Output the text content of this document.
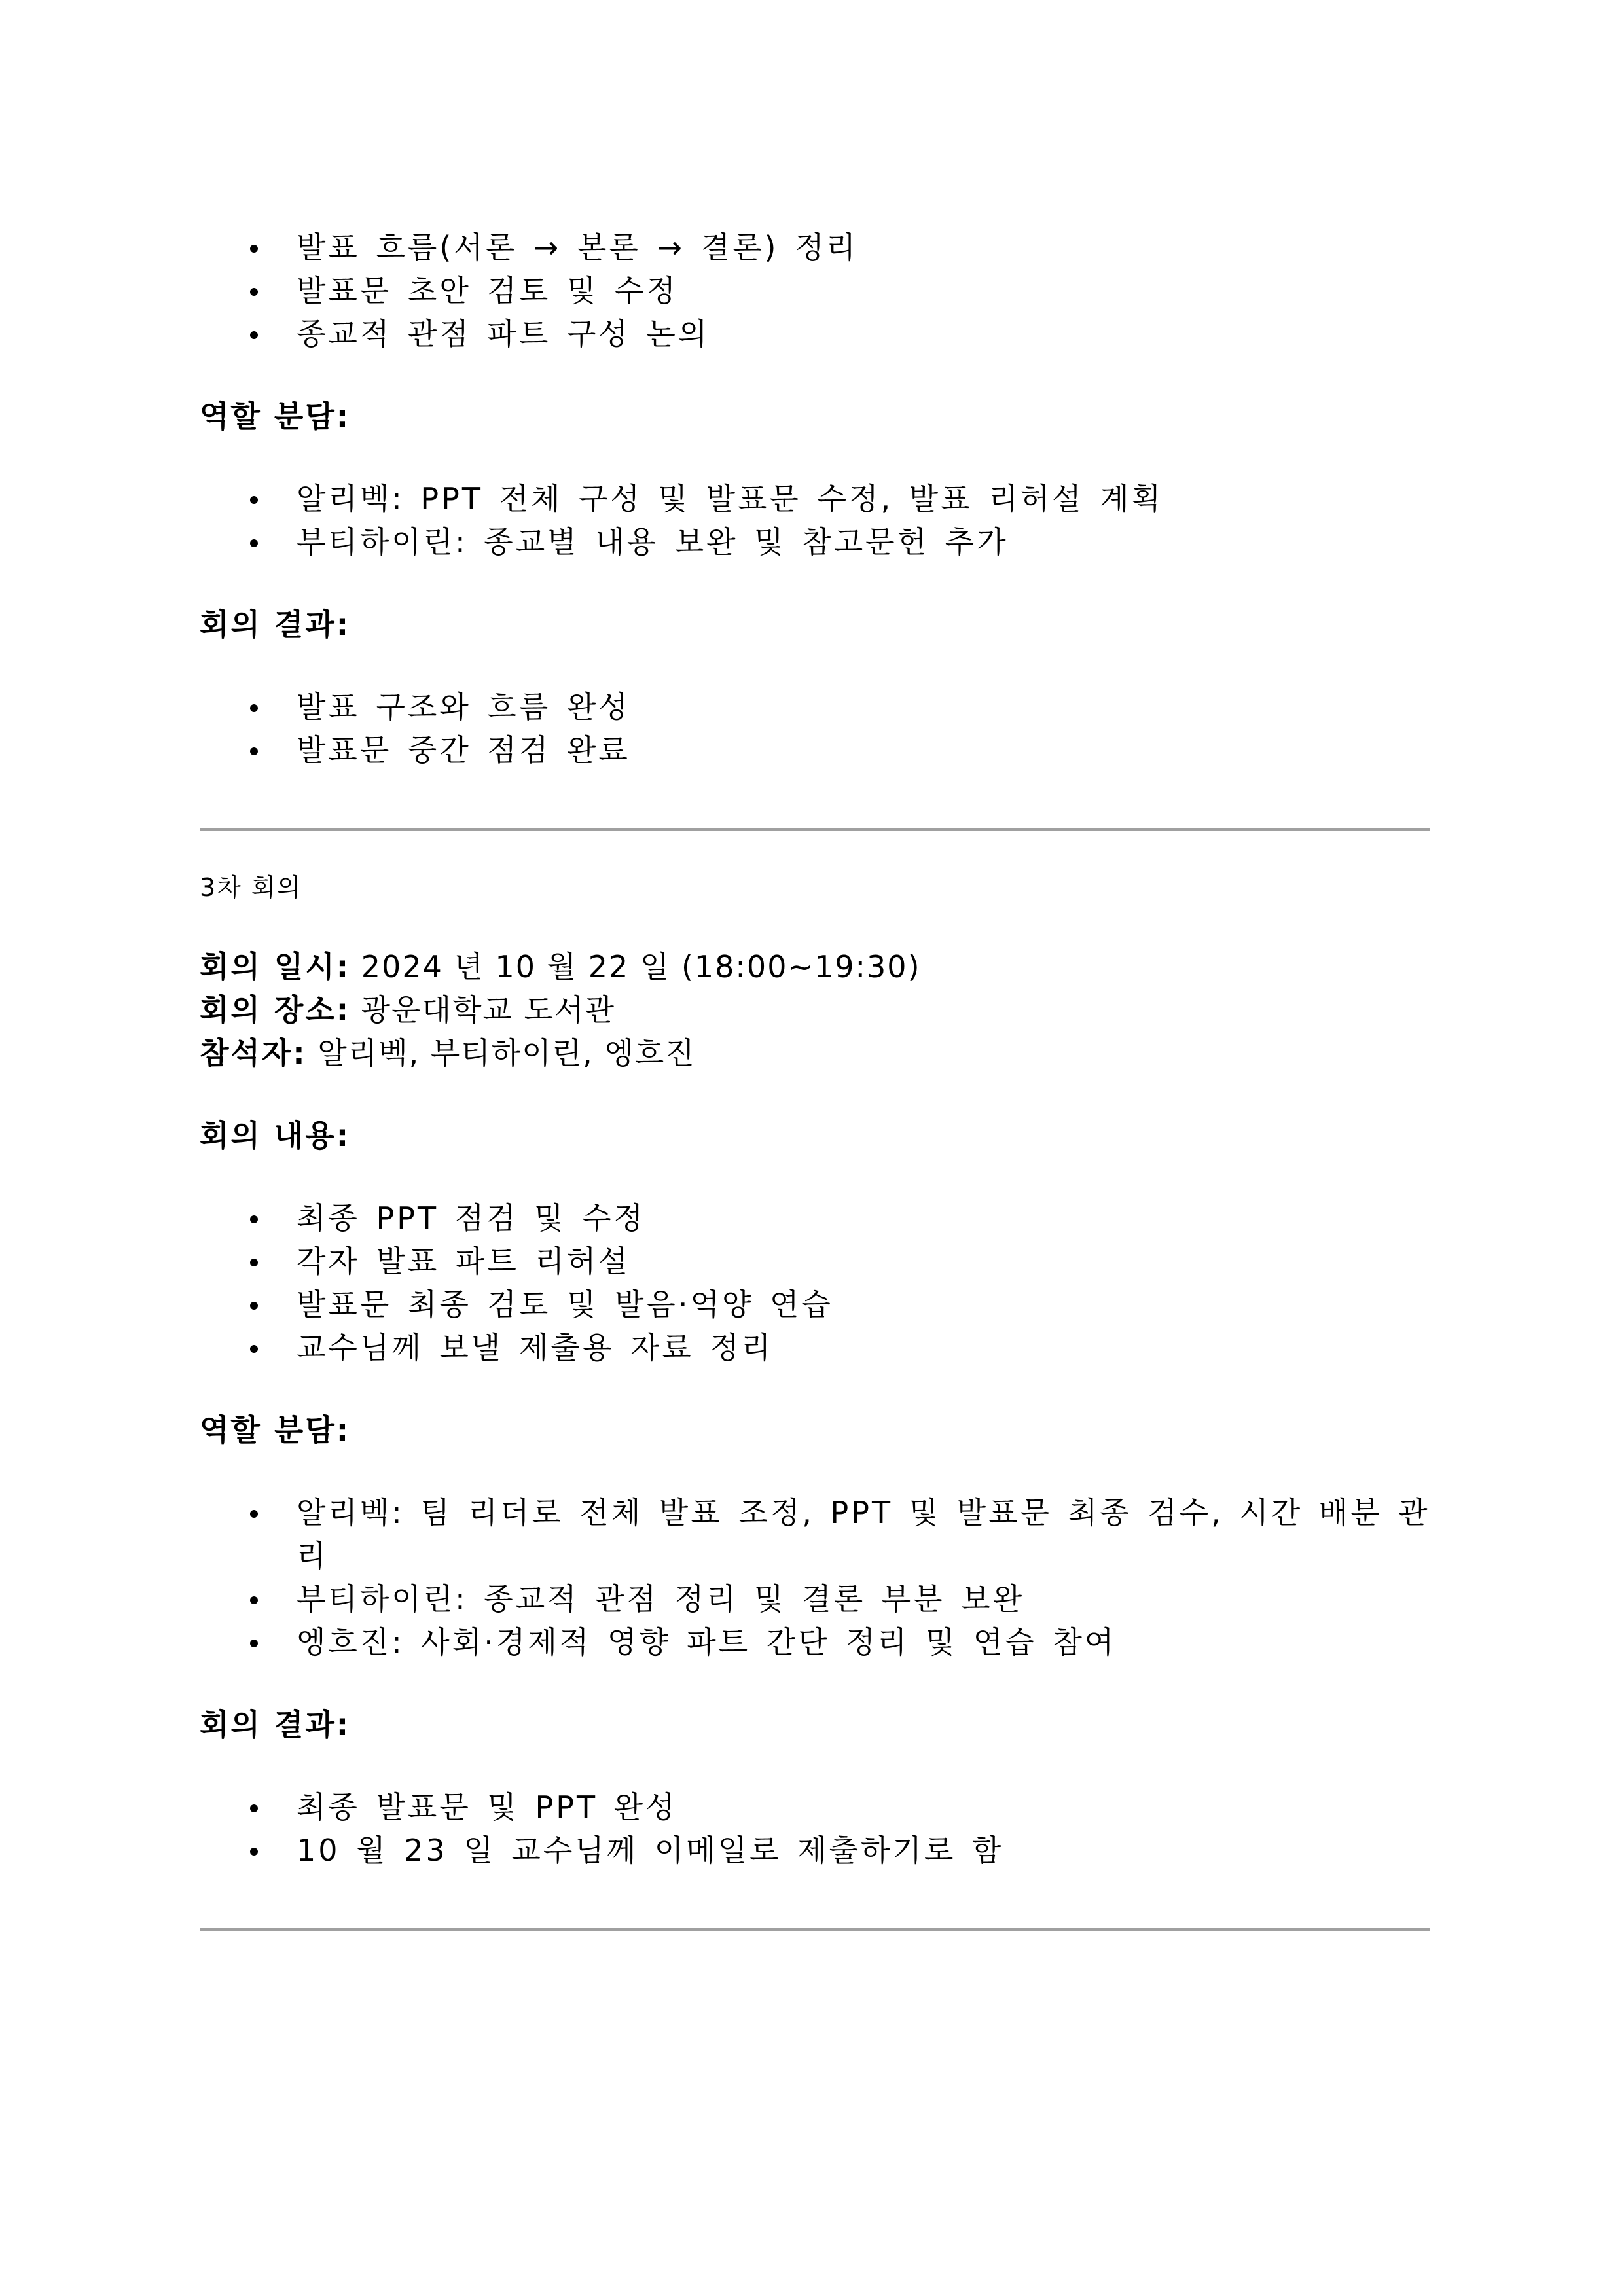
발표 흐름(서론 → 본론 → 결론) 정리
발표문 초안 검토 및 수정
종교적 관점 파트 구성 논의

역할 분담:

알리벡: PPT 전체 구성 및 발표문 수정, 발표 리허설 계획
부티하이린: 종교별 내용 보완 및 참고문헌 추가

회의 결과:

발표 구조와 흐름 완성
발표문 중간 점검 완료

3차 회의

회의 일시: 2024 년 10 월 22 일 (18:00~19:30)

회의 장소: 광운대학교 도서관

참석자: 알리벡, 부티하이린, 엥흐진

회의 내용:

최종 PPT 점검 및 수정
각자 발표 파트 리허설
발표문 최종 검토 및 발음·억양 연습
교수님께 보낼 제출용 자료 정리

역할 분담:

알리벡: 팀 리더로 전체 발표 조정, PPT 및 발표문 최종 검수, 시간 배분 관리
부티하이린: 종교적 관점 정리 및 결론 부분 보완
엥흐진: 사회·경제적 영향 파트 간단 정리 및 연습 참여

회의 결과:

최종 발표문 및 PPT 완성
10 월 23 일 교수님께 이메일로 제출하기로 함
